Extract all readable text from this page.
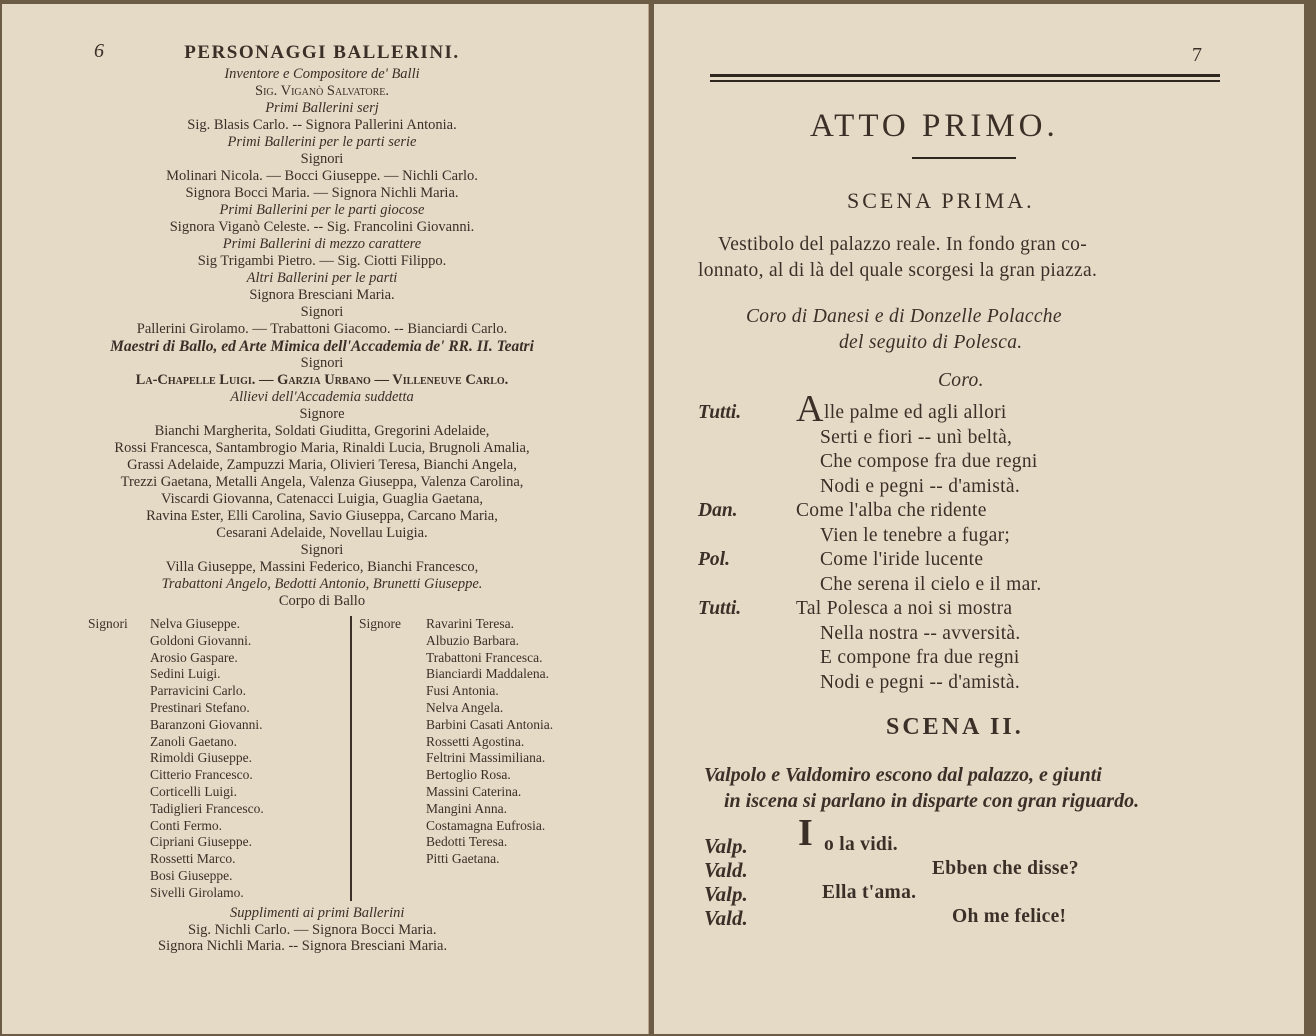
6	PERSONAGGI BALLERINI.
Inventore e Compositore de' Balli
Sig. Viganò Salvatore.
Primi Ballerini serj
Sig. Blasis Carlo. -- Signora Pallerini Antonia.
Primi Ballerini per le parti serie
Signori
Molinari Nicola. — Bocci Giuseppe. — Nichli Carlo.
Signora Bocci Maria. — Signora Nichli Maria.
Primi Ballerini per le parti giocose
Signora Viganò Celeste. -- Sig. Francolini Giovanni.
Primi Ballerini di mezzo carattere
Sig Trigambi Pietro. — Sig. Ciotti Filippo.
Altri Ballerini per le parti
Signora Bresciani Maria.
Signori
Pallerini Girolamo. — Trabattoni Giacomo. -- Bianciardi Carlo.
Maestri di Ballo, ed Arte Mimica dell'Accademia de' RR. II. Teatri
Signori
La-Chapelle Luigi. — Garzia Urbano — Villeneuve Carlo.
Allievi dell'Accademia suddetta
Signore
Bianchi Margherita, Soldati Giuditta, Gregorini Adelaide,
Rossi Francesca, Santambrogio Maria, Rinaldi Lucia, Brugnoli Amalia,
Grassi Adelaide, Zampuzzi Maria, Olivieri Teresa, Bianchi Angela,
Trezzi Gaetana, Metalli Angela, Valenza Giuseppa, Valenza Carolina,
Viscardi Giovanna, Catenacci Luigia, Guaglia Gaetana,
Ravina Ester, Elli Carolina, Savio Giuseppa, Carcano Maria,
Cesarani Adelaide, Novellau Luigia.
Signori
Villa Giuseppe, Massini Federico, Bianchi Francesco,
Trabattoni Angelo, Bedotti Antonio, Brunetti Giuseppe.
Corpo di Ballo
Signori Nelva Giuseppe.
Goldoni Giovanni.
Arosio Gaspare.
Sedini Luigi.
Parravicini Carlo.
Prestinari Stefano.
Baranzoni Giovanni.
Zanoli Gaetano.
Rimoldi Giuseppe.
Citterio Francesco.
Corticelli Luigi.
Tadiglieri Francesco.
Conti Fermo.
Cipriani Giuseppe.
Rossetti Marco.
Bosi Giuseppe.
Sivelli Girolamo.
Signore Ravarini Teresa.
Albuzio Barbara.
Trabattoni Francesca.
Bianciardi Maddalena.
Fusi Antonia.
Nelva Angela.
Barbini Casati Antonia.
Rossetti Agostina.
Feltrini Massimiliana.
Bertoglio Rosa.
Massini Caterina.
Mangini Anna.
Costamagna Eufrosia.
Bedotti Teresa.
Pitti Gaetana.
Supplimenti ai primi Ballerini
Sig. Nichli Carlo. — Signora Bocci Maria.
Signora Nichli Maria. -- Signora Bresciani Maria.
7
ATTO PRIMO.
SCENA PRIMA.
Vestibolo del palazzo reale. In fondo gran co-
lonnato, al di là del quale scorgesi la gran piazza.
Coro di Danesi e di Donzelle Polacche
del seguito di Polesca.
Coro.
Tutti. A lle palme ed agli allori
Serti e fiori -- unì beltà,
Che compose fra due regni
Nodi e pegni -- d'amistà.
Dan.	Come l'alba che ridente
Vien le tenebre a fugar;
Pol.	Come l'iride lucente
Che serena il cielo e il mar.
Tutti.	Tal Polesca a noi si mostra
Nella nostra -- avversità.
E compone fra due regni
Nodi e pegni -- d'amistà.
SCENA II.
Valpolo e Valdomiro escono dal palazzo, e giunti
in iscena si parlano in disparte con gran riguardo.
Valp. I o la vidi.
Vald.	Ebben che disse?
Valp.	Ella t'ama.
Vald.	Oh me felice!
